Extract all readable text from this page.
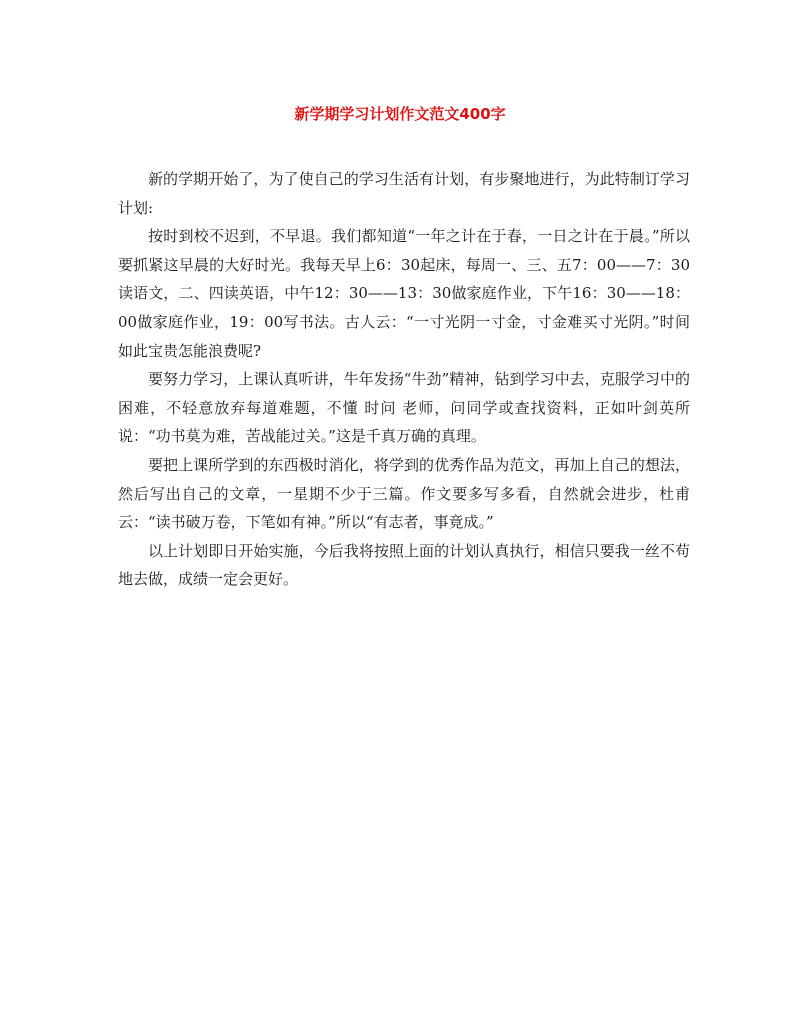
新学期学习计划作文范文400字

新的学期开始了，为了使自己的学习生活有计划，有步聚地进行，为此特制订学习计划:

按时到校不迟到，不早退。我们都知道“一年之计在于春，一日之计在于晨。”所以要抓紧这早晨的大好时光。我每天早上6：30起床，每周一、三、五7：00——7：30读语文，二、四读英语，中午12：30——13：30做家庭作业，下午16：30——18：00做家庭作业，19：00写书法。古人云：“一寸光阴一寸金，寸金难买寸光阴。”时间如此宝贵怎能浪费呢?

要努力学习，上课认真听讲，牛年发扬“牛劲”精神，钻到学习中去，克服学习中的困难，不轻意放弃每道难题，不懂 时问 老师，问同学或查找资料，正如叶剑英所说：“功书莫为难，苦战能过关。”这是千真万确的真理。

要把上课所学到的东西极时消化，将学到的优秀作品为范文，再加上自己的想法，然后写出自己的文章，一星期不少于三篇。作文要多写多看，自然就会进步，杜甫云：“读书破万卷，下笔如有神。”所以“有志者，事竟成。”

以上计划即日开始实施，今后我将按照上面的计划认真执行，相信只要我一丝不苟地去做，成绩一定会更好。
